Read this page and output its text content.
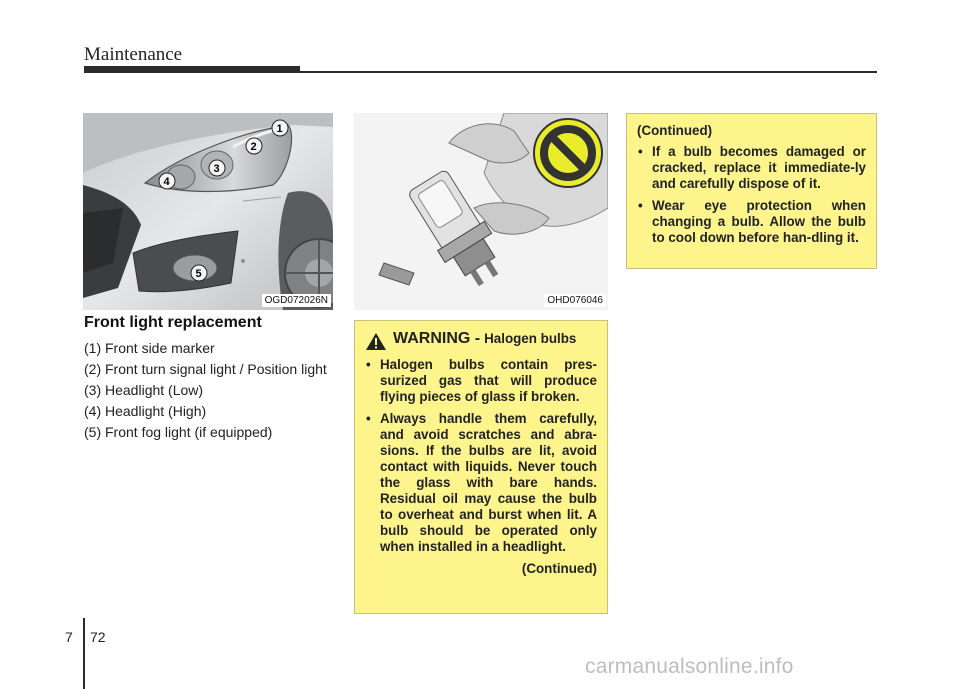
Maintenance
1
2
3
4
5
OGD072026N	OHD076046
Front light replacement
(1) Front side marker
(2) Front turn signal light / Position light
(3) Headlight (Low)
(4) Headlight (High)
(5) Front fog light (if equipped)
WARNING - Halogen bulbs
• Halogen bulbs contain pres-surized gas that will produce flying pieces of glass if broken.
• Always handle them carefully, and avoid scratches and abra-sions. If the bulbs are lit, avoid contact with liquids. Never touch the glass with bare hands. Residual oil may cause the bulb to overheat and burst when lit. A bulb should be operated only when installed in a headlight.
(Continued)
(Continued)
• If a bulb becomes damaged or cracked, replace it immediate-ly and carefully dispose of it.
• Wear eye protection when changing a bulb. Allow the bulb to cool down before han-dling it.
7 72
carmanualsonline.info
